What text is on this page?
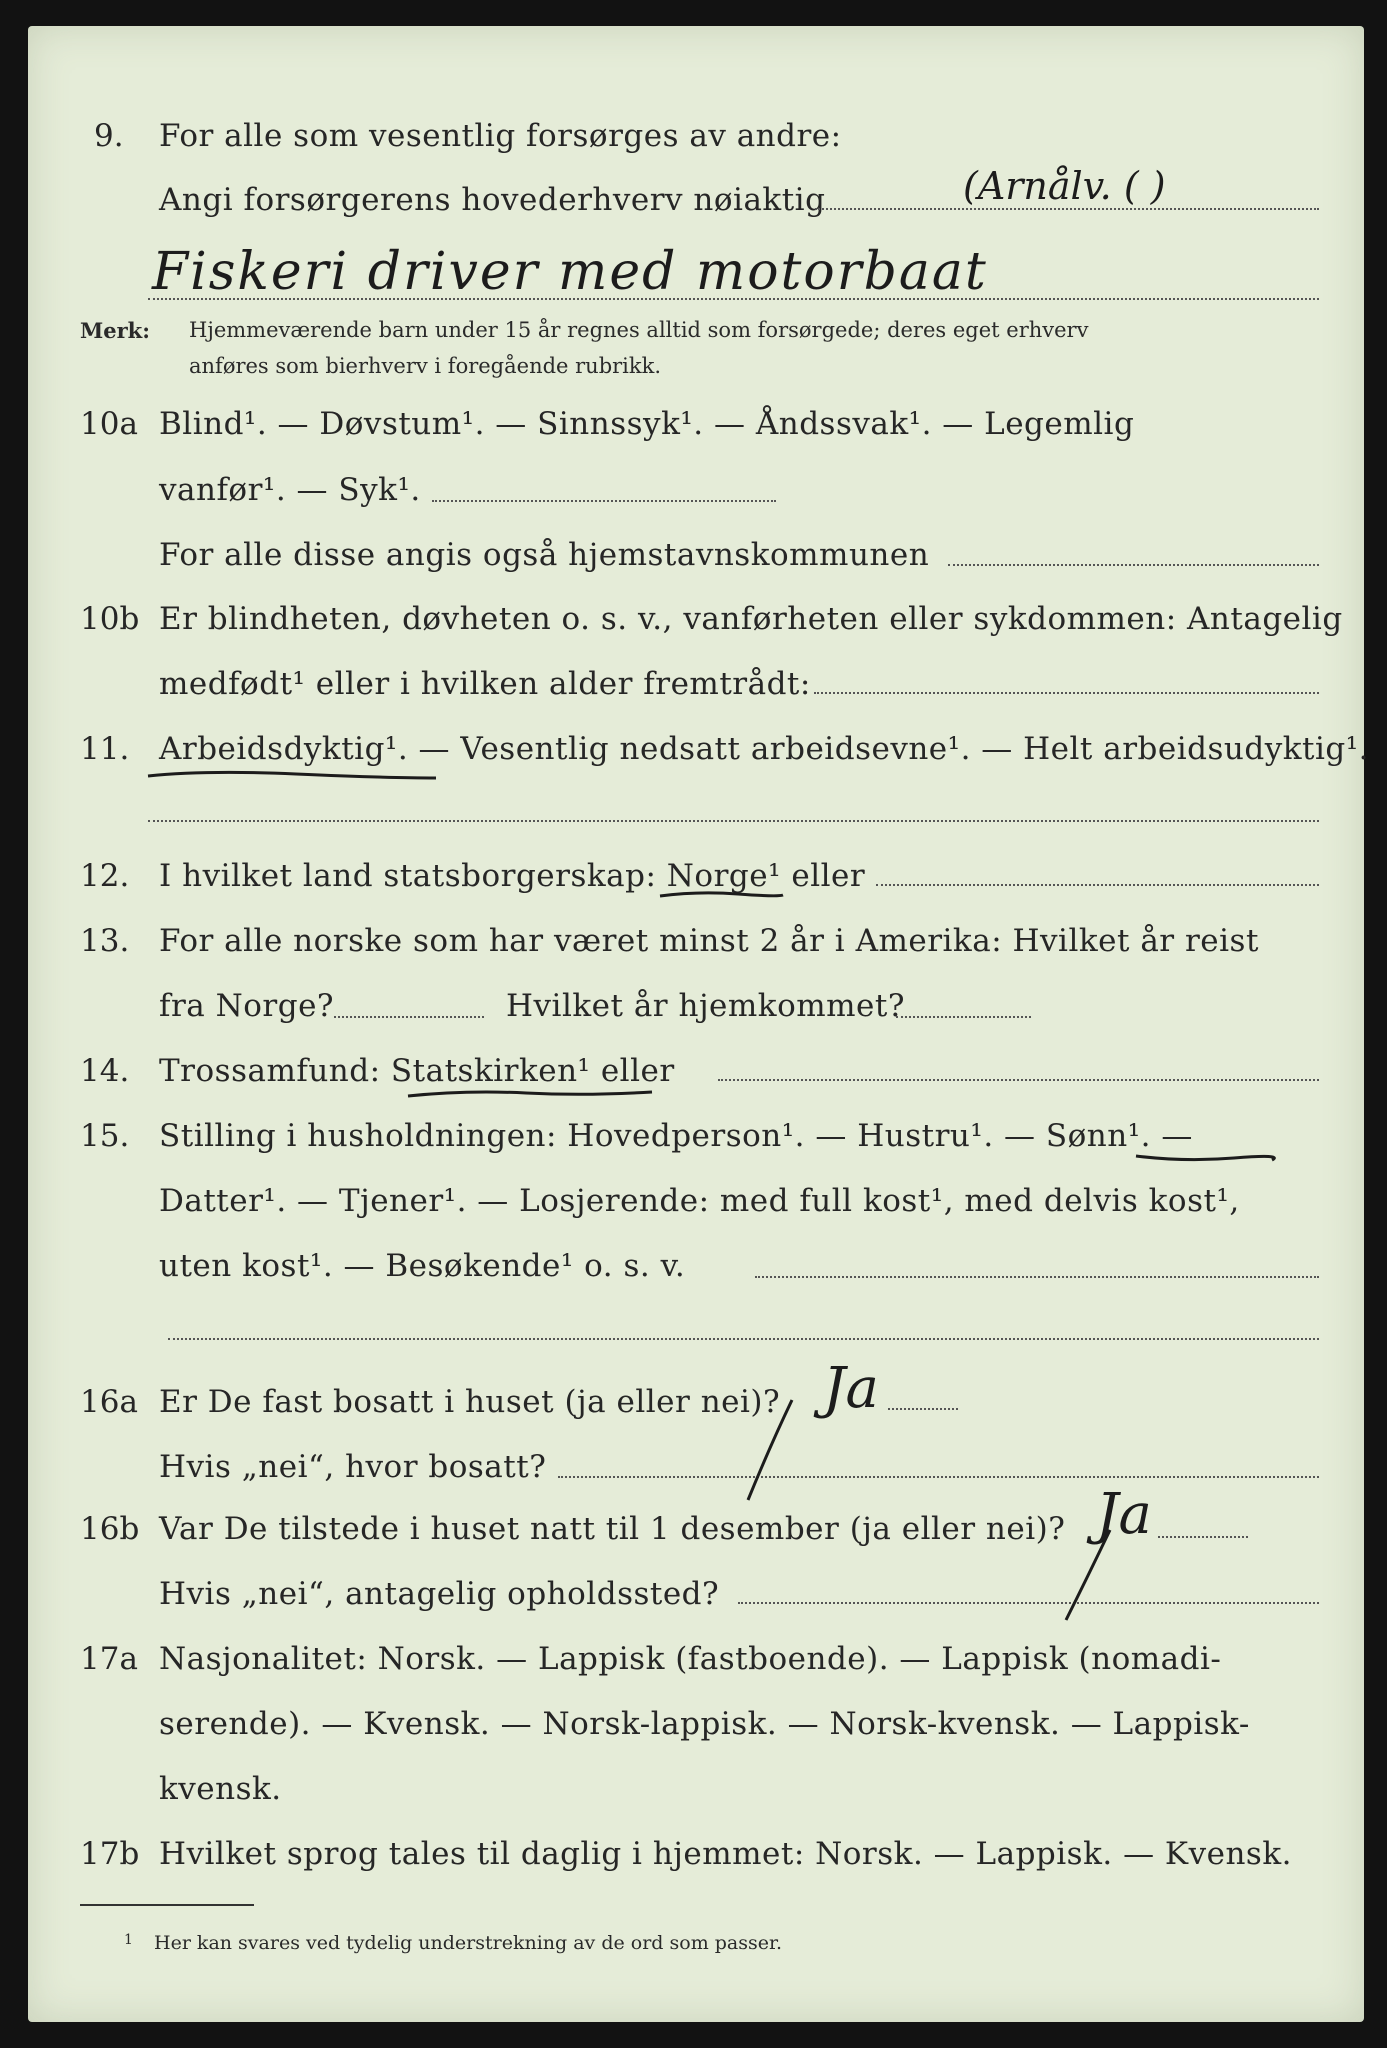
9. For alle som vesentlig forsørges av andre:
Angi forsørgerens hovederhverv nøiaktig	(Arnålv. ( )
Fiskeri driver med motorbaat
Merk: Hjemmeværende barn under 15 år regnes alltid som forsørgede; deres eget erhverv
anføres som bierhverv i foregående rubrikk.
10a Blind¹. — Døvstum¹. — Sinnssyk¹. — Åndssvak¹. — Legemlig
vanfør¹. — Syk¹.
For alle disse angis også hjemstavnskommunen
10b Er blindheten, døvheten o. s. v., vanførheten eller sykdommen: Antagelig
medfødt¹ eller i hvilken alder fremtrådt:
11. Arbeidsdyktig¹. — Vesentlig nedsatt arbeidsevne¹. — Helt arbeidsudyktig¹.
12. I hvilket land statsborgerskap: Norge¹ eller
13. For alle norske som har været minst 2 år i Amerika: Hvilket år reist
fra Norge?	Hvilket år hjemkommet?
14. Trossamfund: Statskirken¹ eller
15. Stilling i husholdningen: Hovedperson¹. — Hustru¹. — Sønn¹. —
Datter¹. — Tjener¹. — Losjerende: med full kost¹, med delvis kost¹,
uten kost¹. — Besøkende¹ o. s. v.
16a Er De fast bosatt i huset (ja eller nei)? Ja
Hvis „nei“, hvor bosatt?
16b Var De tilstede i huset natt til 1 desember (ja eller nei)? Ja
Hvis „nei“, antagelig opholdssted?
17a Nasjonalitet: Norsk. — Lappisk (fastboende). — Lappisk (nomadi-
serende). — Kvensk. — Norsk-lappisk. — Norsk-kvensk. — Lappisk-
kvensk.
17b Hvilket sprog tales til daglig i hjemmet: Norsk. — Lappisk. — Kvensk.
1 Her kan svares ved tydelig understrekning av de ord som passer.
